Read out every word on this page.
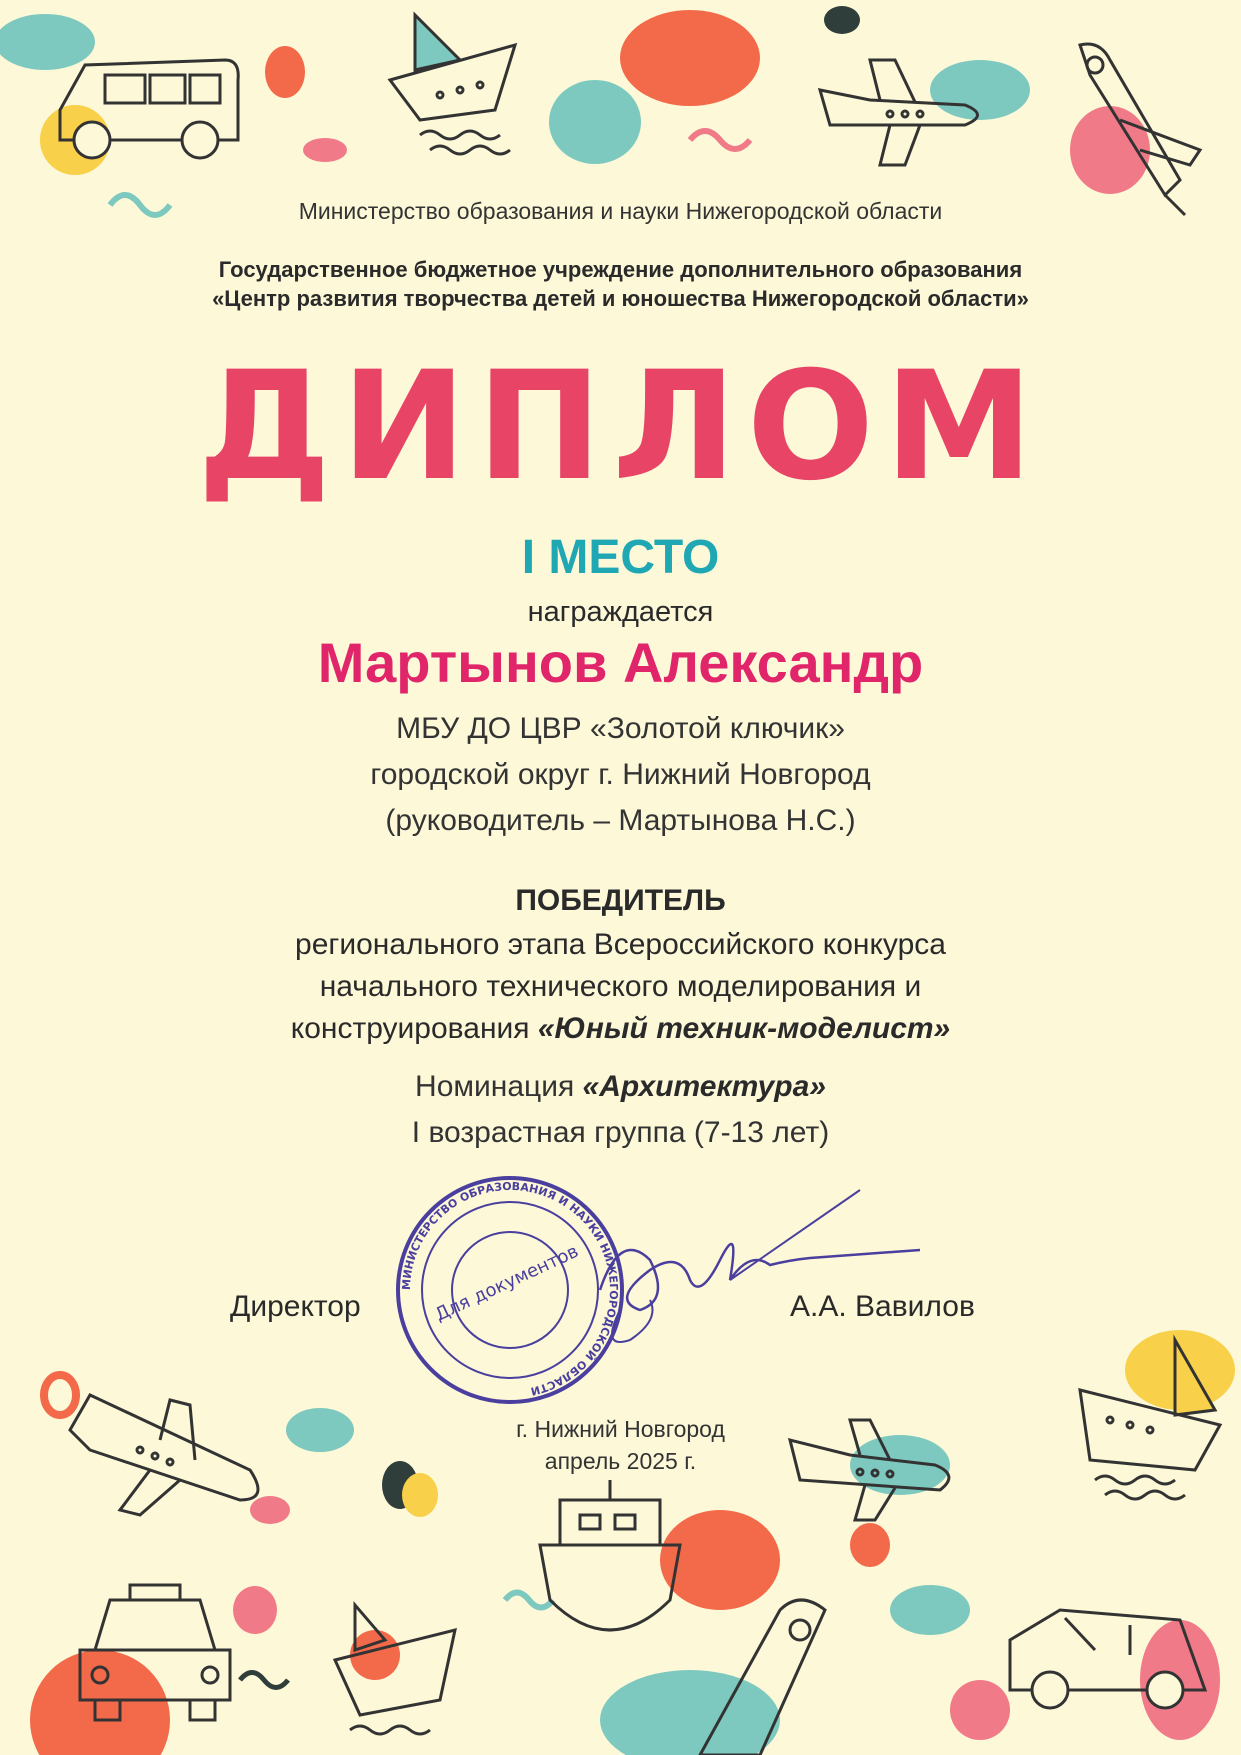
Министерство образования и науки Нижегородской области

Государственное бюджетное учреждение дополнительного образования

«Центр развития творчества детей и юношества Нижегородской области»

ДИПЛОМ

I МЕСТО

награждается

Мартынов Александр

МБУ ДО ЦВР «Золотой ключик»

городской округ г. Нижний Новгород

(руководитель – Мартынова Н.С.)

ПОБЕДИТЕЛЬ

регионального этапа Всероссийского конкурса

начального технического моделирования и

конструирования «Юный техник-моделист»

Номинация «Архитектура»

I возрастная группа (7-13 лет)

Директор	А.А. Вавилов

МИНИСТЕРСТВО ОБРАЗОВАНИЯ И НАУКИ НИЖЕГОРОДСКОЙ ОБЛАСТИ
Для документов

г. Нижний Новгород

апрель 2025 г.
